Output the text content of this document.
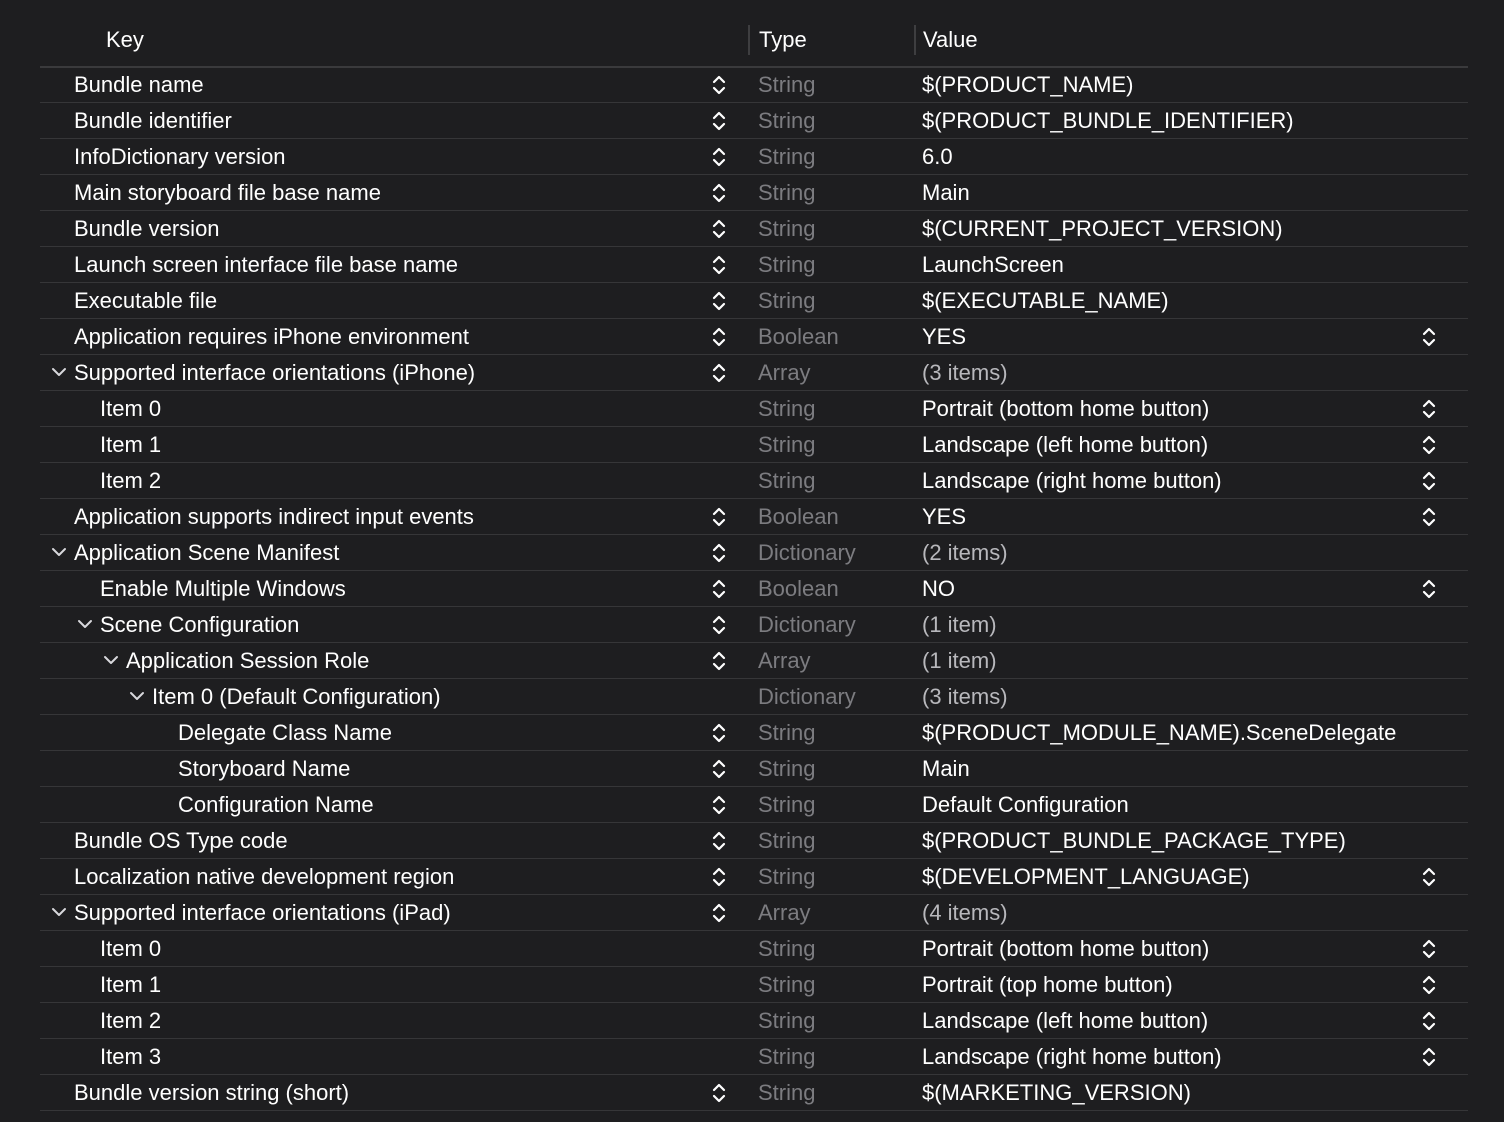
Key	Type	Value
Bundle name	String	$(PRODUCT_NAME)
Bundle identifier	String	$(PRODUCT_BUNDLE_IDENTIFIER)
InfoDictionary version	String	6.0
Main storyboard file base name	String	Main
Bundle version	String	$(CURRENT_PROJECT_VERSION)
Launch screen interface file base name	String	LaunchScreen
Executable file	String	$(EXECUTABLE_NAME)
Application requires iPhone environment	Boolean	YES
Supported interface orientations (iPhone)	Array	(3 items)
Item 0	String	Portrait (bottom home button)
Item 1	String	Landscape (left home button)
Item 2	String	Landscape (right home button)
Application supports indirect input events	Boolean	YES
Application Scene Manifest	Dictionary	(2 items)
Enable Multiple Windows	Boolean	NO
Scene Configuration	Dictionary	(1 item)
Application Session Role	Array	(1 item)
Item 0 (Default Configuration)	Dictionary	(3 items)
Delegate Class Name	String	$(PRODUCT_MODULE_NAME).SceneDelegate
Storyboard Name	String	Main
Configuration Name	String	Default Configuration
Bundle OS Type code	String	$(PRODUCT_BUNDLE_PACKAGE_TYPE)
Localization native development region	String	$(DEVELOPMENT_LANGUAGE)
Supported interface orientations (iPad)	Array	(4 items)
Item 0	String	Portrait (bottom home button)
Item 1	String	Portrait (top home button)
Item 2	String	Landscape (left home button)
Item 3	String	Landscape (right home button)
Bundle version string (short)	String	$(MARKETING_VERSION)
